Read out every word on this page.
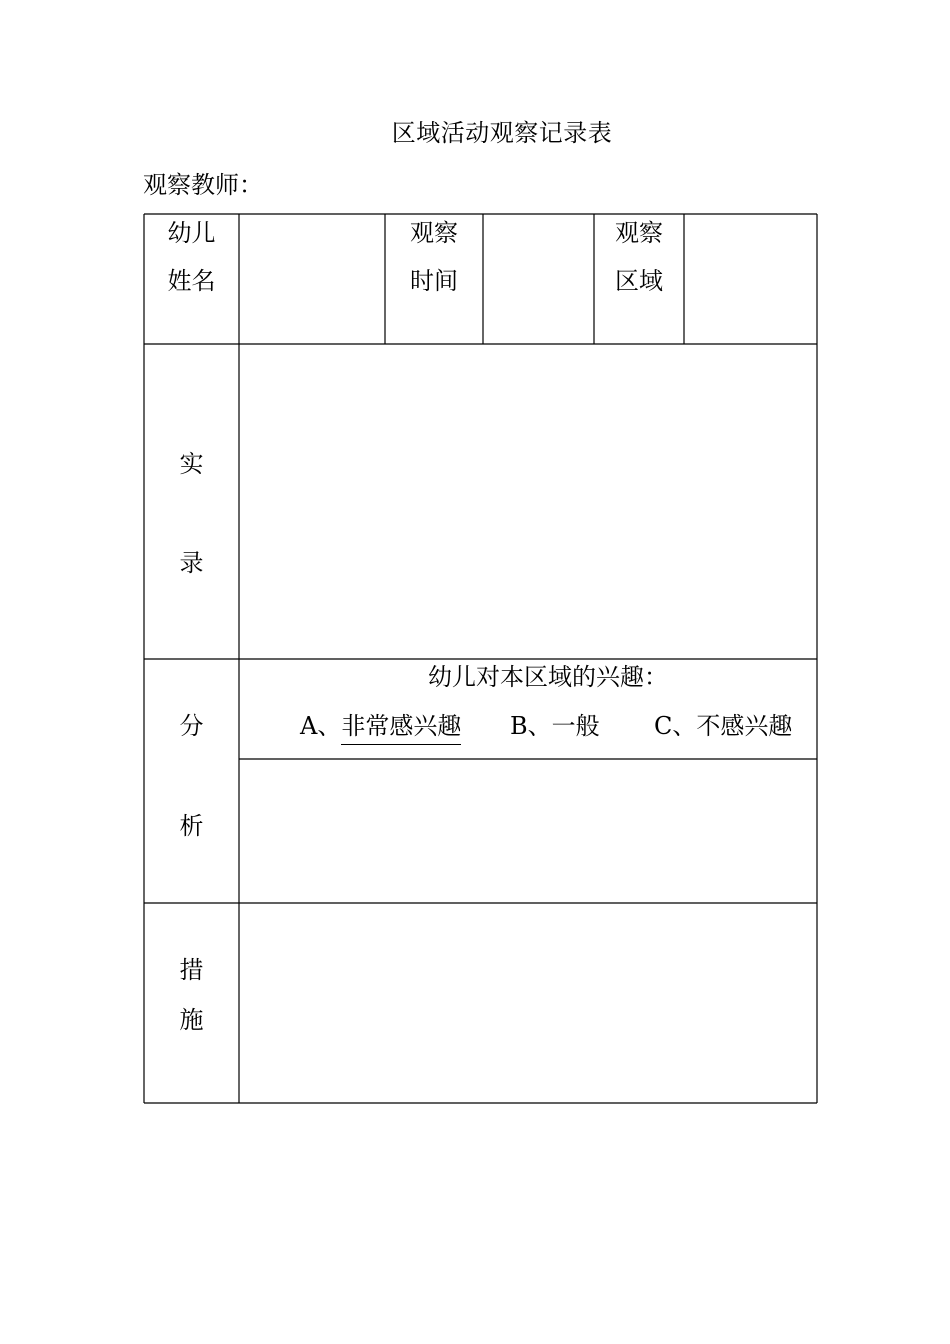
区域活动观察记录表
观察教师：
幼儿
姓名
观察
时间
观察
区域
实
录
分
析
措
施
幼儿对本区域的兴趣：
A、非常感兴趣 B、一般 C、不感兴趣
